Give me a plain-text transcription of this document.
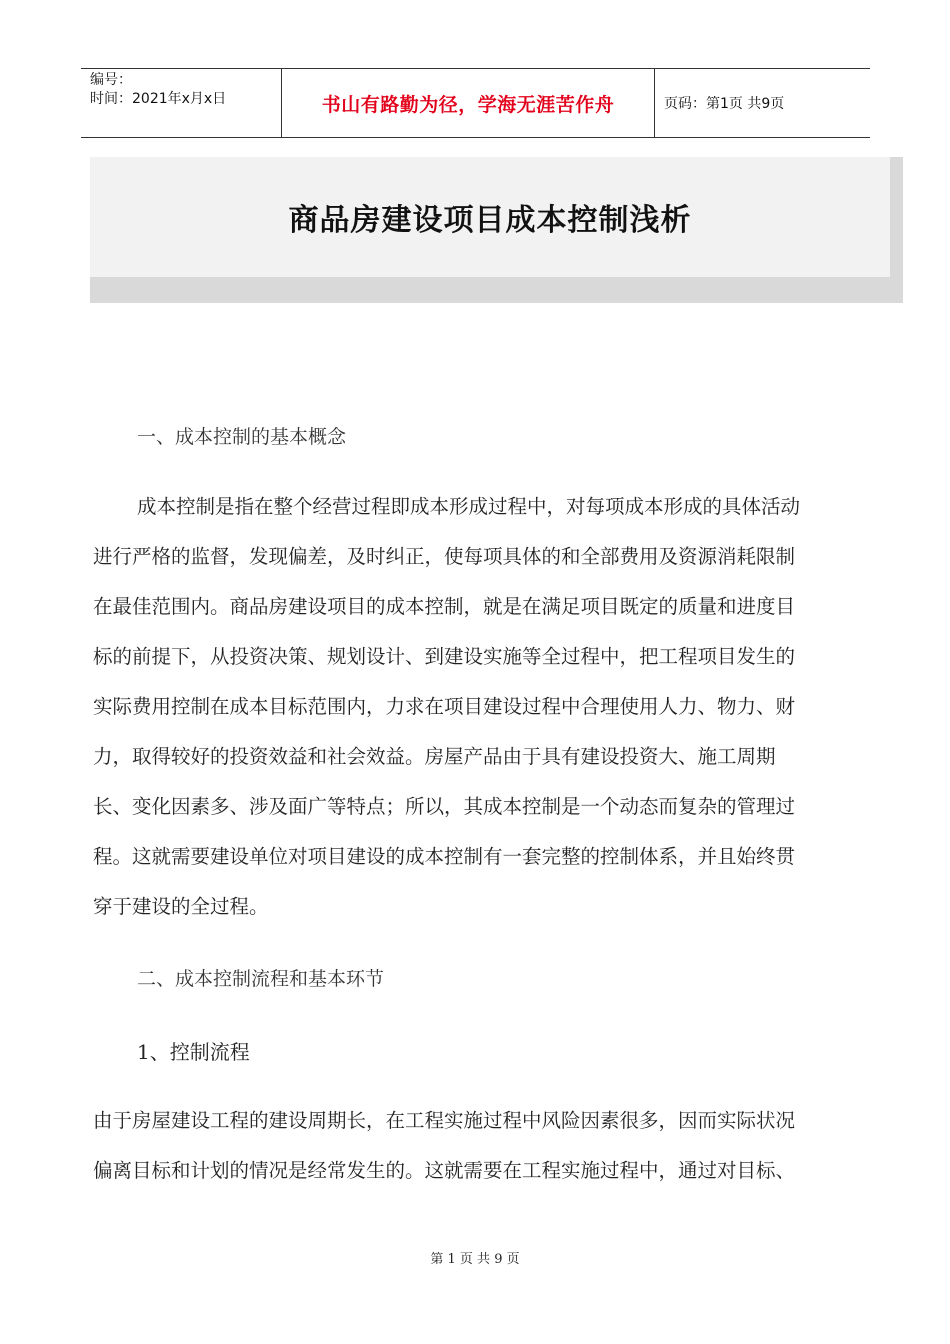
编号：
时间：2021年x月x日	书山有路勤为径，学海无涯苦作舟	页码：第1页 共9页
商品房建设项目成本控制浅析
一、成本控制的基本概念

成本控制是指在整个经营过程即成本形成过程中，对每项成本形成的具体活动

进行严格的监督，发现偏差，及时纠正，使每项具体的和全部费用及资源消耗限制

在最佳范围内。商品房建设项目的成本控制，就是在满足项目既定的质量和进度目

标的前提下，从投资决策、规划设计、到建设实施等全过程中，把工程项目发生的

实际费用控制在成本目标范围内，力求在项目建设过程中合理使用人力、物力、财

力，取得较好的投资效益和社会效益。房屋产品由于具有建设投资大、施工周期

长、变化因素多、涉及面广等特点；所以，其成本控制是一个动态而复杂的管理过

程。这就需要建设单位对项目建设的成本控制有一套完整的控制体系，并且始终贯

穿于建设的全过程。

二、成本控制流程和基本环节
1、控制流程

由于房屋建设工程的建设周期长，在工程实施过程中风险因素很多，因而实际状况

偏离目标和计划的情况是经常发生的。这就需要在工程实施过程中，通过对目标、

第 1 页 共 9 页
